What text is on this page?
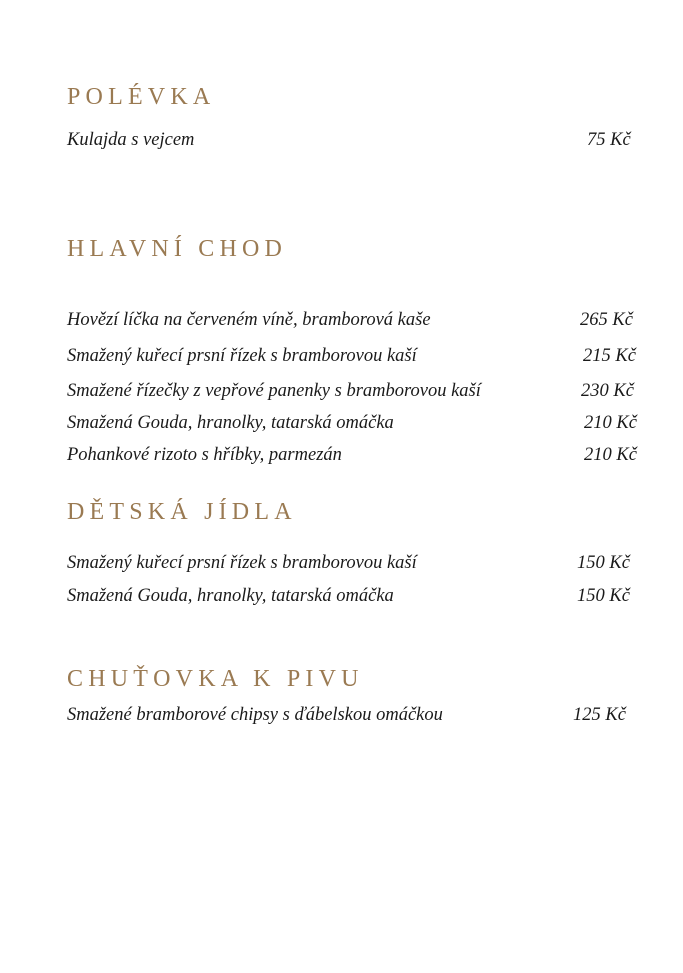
POLÉVKA
Kulajda s vejcem	75 Kč
HLAVNÍ CHOD
Hovězí líčka na červeném víně, bramborová kaše	265 Kč
Smažený kuřecí prsní řízek s bramborovou kaší	215 Kč
Smažené řízečky z vepřové panenky s bramborovou kaší	230 Kč
Smažená Gouda, hranolky, tatarská omáčka	210 Kč
Pohankové rizoto s hříbky, parmezán	210 Kč
DĚTSKÁ JÍDLA
Smažený kuřecí prsní řízek s bramborovou kaší	150 Kč
Smažená Gouda, hranolky, tatarská omáčka	150 Kč
CHUŤOVKA K PIVU
Smažené bramborové chipsy s ďábelskou omáčkou	125 Kč
